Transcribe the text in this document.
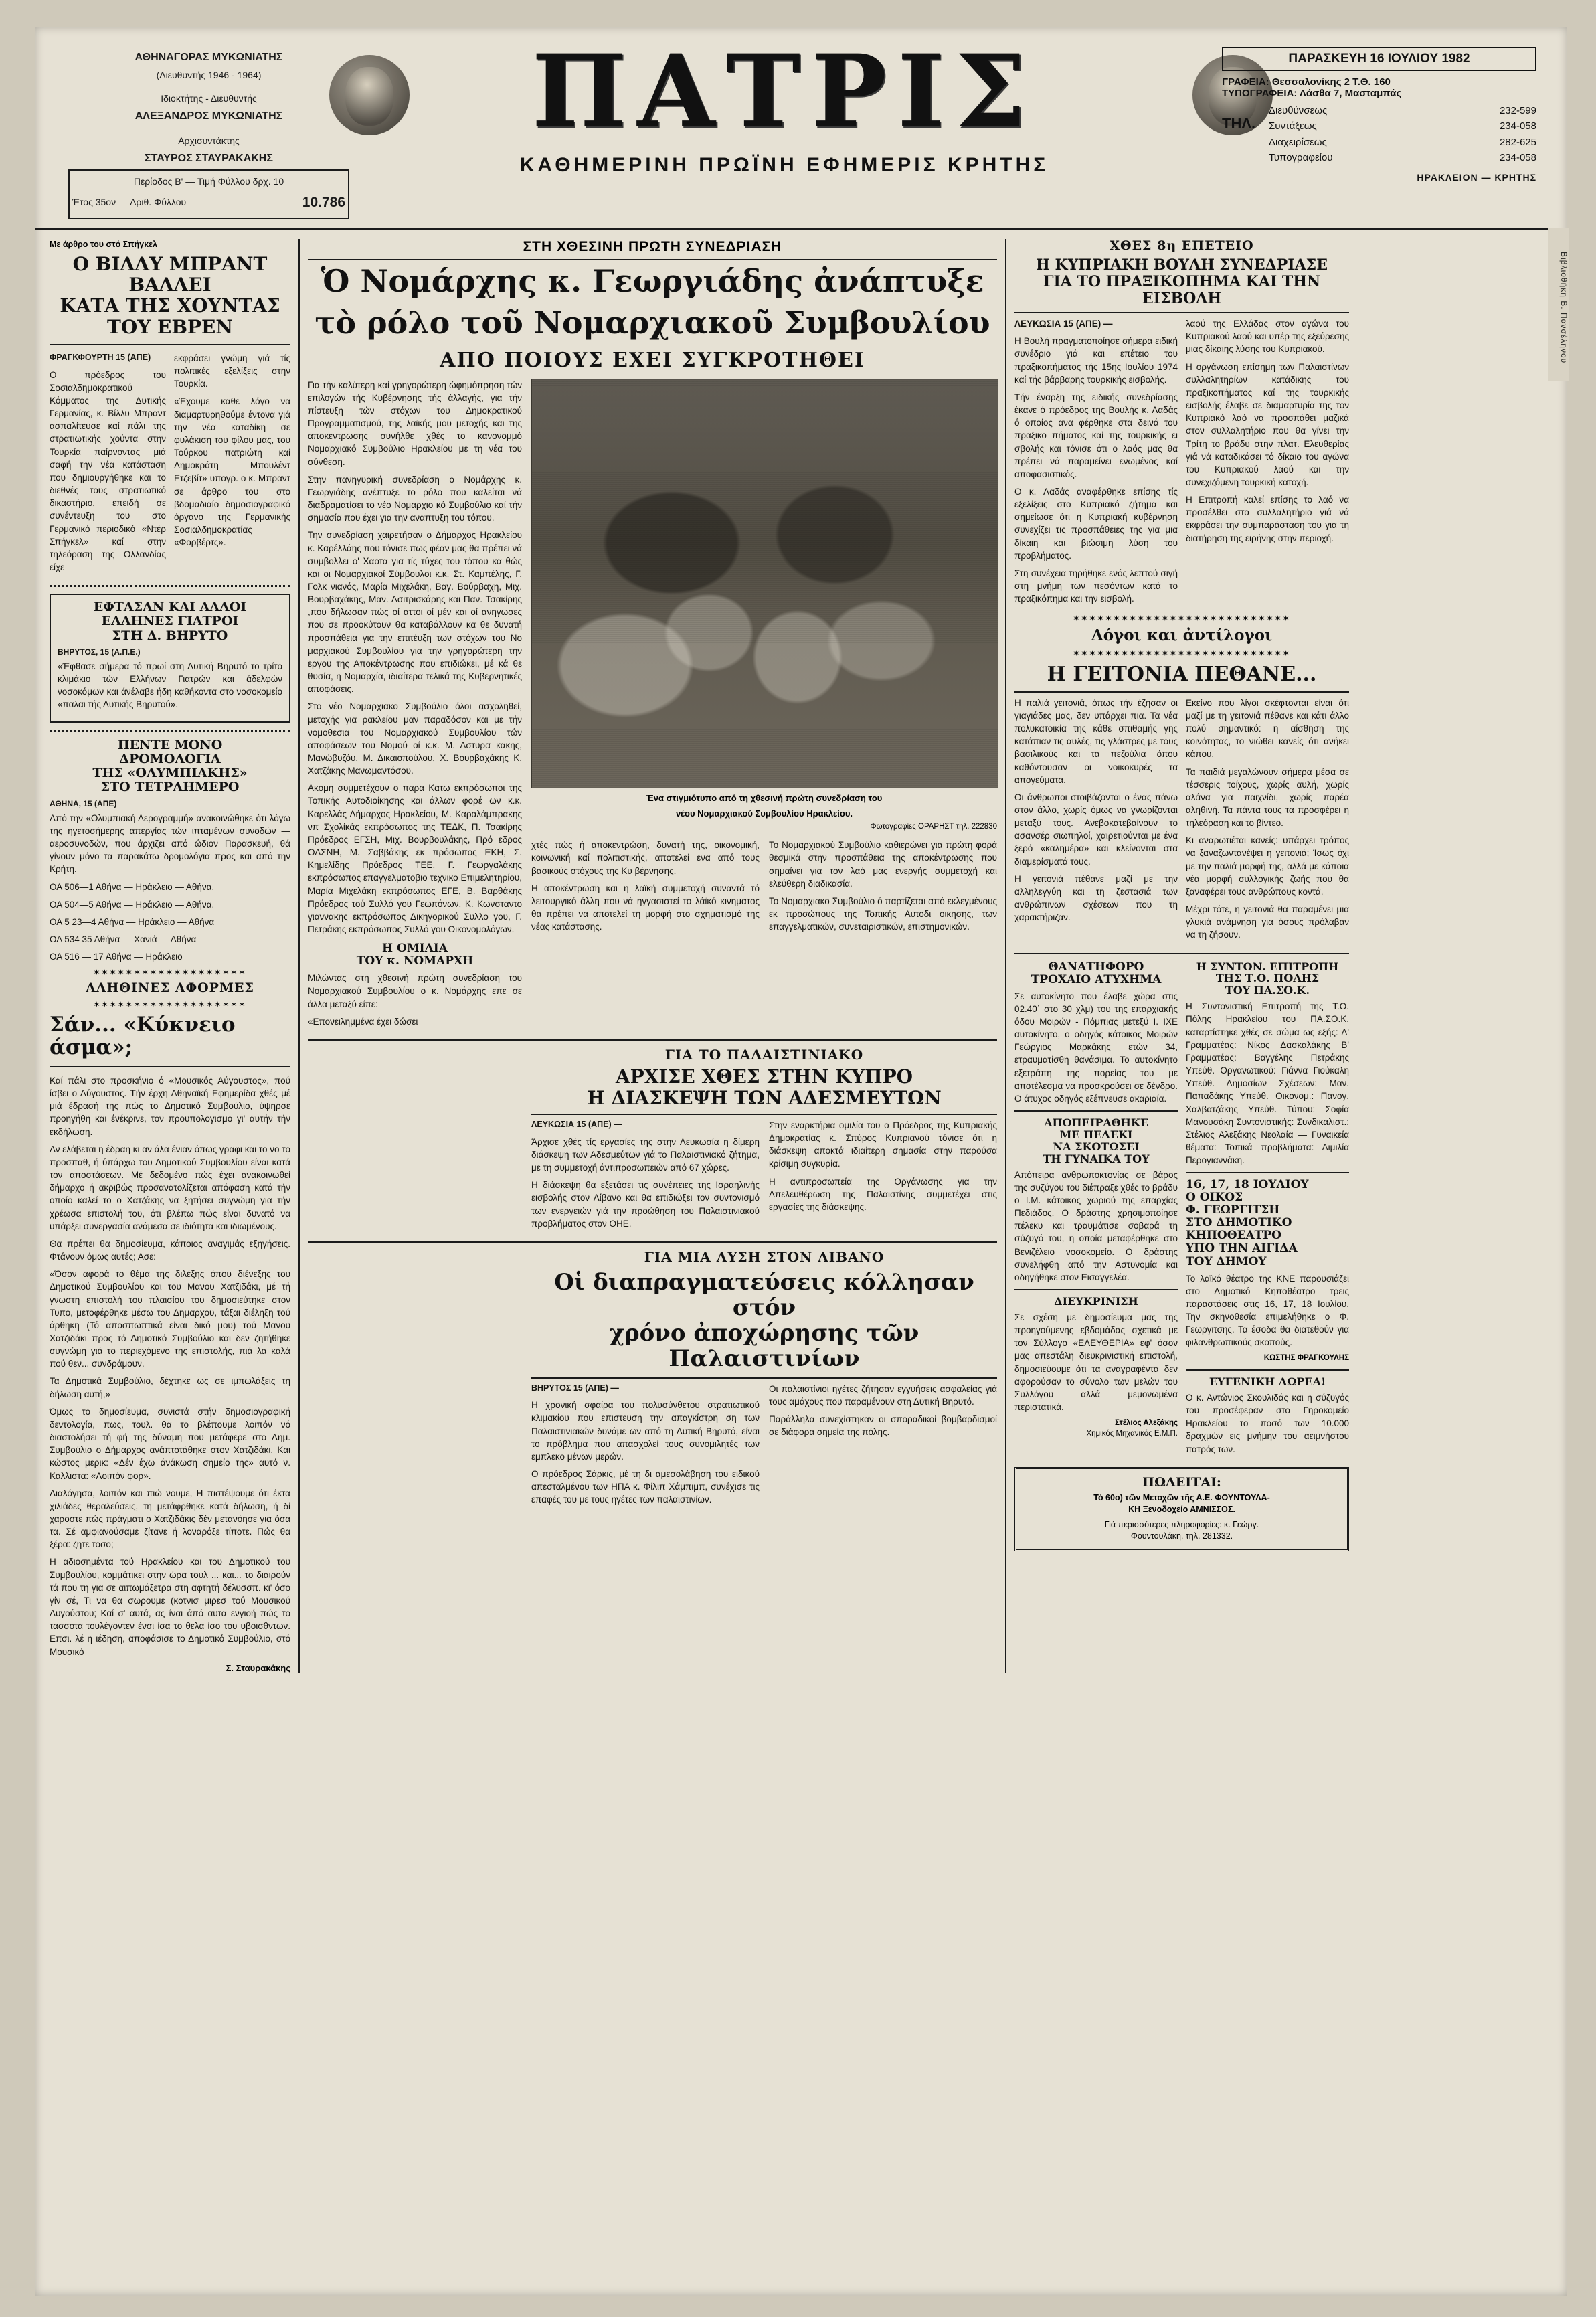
ΑΘΗΝΑΓΟΡΑΣ ΜΥΚΩΝΙΑΤΗΣ
(Διευθυντής 1946 - 1964)
Ιδιοκτήτης - Διευθυντής
ΑΛΕΞΑΝΔΡΟΣ ΜΥΚΩΝΙΑΤΗΣ
Αρχισυντάκτης
ΣΤΑΥΡΟΣ ΣΤΑΥΡΑΚΑΚΗΣ
Περίοδος Β' — Τιμή Φύλλου δρχ. 10
Έτος 35ον — Αριθ. Φύλλου	10.786
ΠΑΤΡΙΣ
ΚΑΘΗΜΕΡΙΝΗ ΠΡΩΪΝΗ ΕΦΗΜΕΡΙΣ ΚΡΗΤΗΣ
ΠΑΡΑΣΚΕΥΗ 16 ΙΟΥΛΙΟΥ 1982
ΓΡΑΦΕΙΑ: Θεσσαλονίκης 2 Τ.Θ. 160
ΤΥΠΟΓΡΑΦΕΙΑ: Λάσθα 7, Μασταμπάς
ΤΗΛ.
Διευθύνσεως	232-599
Συντάξεως	234-058
Διαχειρίσεως	282-625
Τυπογραφείου	234-058
ΗΡΑΚΛΕΙΟΝ — ΚΡΗΤΗΣ
Με άρθρο του στό Σπήγκελ
Ο ΒΙΛΛΥ ΜΠΡΑΝΤ ΒΑΛΛΕΙ
ΚΑΤΑ ΤΗΣ ΧΟΥΝΤΑΣ ΤΟΥ ΕΒΡΕΝ

ΦΡΑΓΚΦΟΥΡΤΗ 15 (ΑΠΕ)

Ο πρόεδρος του Σοσιαλδημοκρατικού Κόμματος της Δυτικής Γερμανίας, κ. Βίλλυ Μπραντ ασπαλίτευσε καί πάλι της στρατιωτικής χούντα στην Τουρκία παίρνοντας μιά σαφή την νέα κατάσταση που δημιουργήθηκε και το διεθνές τους στρατιωτικό δικαστήριο, επειδή σε συνέντευξη του στο Γερμανικό περιοδικό «Ντέρ Σπήγκελ» καί στην τηλεόραση της Ολλανδίας είχε

εκφράσει γνώμη γιά τίς πολιτικές εξελίξεις στην Τουρκία.

«Έχουμε καθε λόγο να διαμαρτυρηθούμε έντονα γιά την νέα καταδίκη σε φυλάκιση του φίλου μας, του Τούρκου πατριώτη καί Δημοκράτη Μπουλέντ Ετζεβίτ» υπογρ. ο κ. Μπραντ σε άρθρο του στο βδομαδιαίο δημοσιογραφικό όργανο της Γερμανικής Σοσιαλδημοκρατίας «Φορβέρτς».

ΕΦΤΑΣΑΝ ΚΑΙ ΑΛΛΟΙ
ΕΛΛΗΝΕΣ ΓΙΑΤΡΟΙ
ΣΤΗ Δ. ΒΗΡΥΤΟ

ΒΗΡΥΤΟΣ, 15 (Α.Π.Ε.)

«Έφθασε σήμερα τό πρωί στη Δυτική Βηρυτό το τρίτο κλιμάκιο τών Ελλήνων Γιατρών και άδελφών νοσοκόμων και άνέλαβε ήδη καθήκοντα στο νοσοκομείο «παλαι τής Δυτικής Βηρυτού».

ΠΕΝΤΕ ΜΟΝΟ
ΔΡΟΜΟΛΟΓΙΑ
ΤΗΣ «ΟΛΥΜΠΙΑΚΗΣ»
ΣΤΟ ΤΕΤΡΑΗΜΕΡΟ

ΑΘΗΝΑ, 15 (ΑΠΕ)

Από την «Ολυμπιακή Αερογραμμή» ανακοινώθηκε ότι λόγω της ηγετοσήμερης απεργίας τών ιπταμένων συνοδών — αεροσυνοδών, που άρχιζει από ώδιον Παρασκευή, θά γίνουν μόνο τα παρακάτω δρομολόγια προς και από την Κρήτη.

ΟΑ 506—1 Αθήνα — Ηράκλειο — Αθήνα.

ΟΑ 504—5 Αθήνα — Ηράκλειο — Αθήνα.

ΟΑ 5 23—4 Αθήνα — Ηράκλειο — Αθήνα

ΟΑ 534 35 Αθήνα — Χανιά — Αθήνα

ΟΑ 516 — 17 Αθήνα — Ηράκλειο

✶✶✶✶✶✶✶✶✶✶✶✶✶✶✶✶✶✶✶
ΑΛΗΘΙΝΕΣ ΑΦΟΡΜΕΣ
✶✶✶✶✶✶✶✶✶✶✶✶✶✶✶✶✶✶✶
Σάν... «Κύκνειο άσμα»;

Καί πάλι στο προσκήνιο ό «Μουσικός Αύγουστος», πού ίσβει ο Αύγουστος. Τήν έρχη Αθηναϊκή Εφημερίδα χθές μέ μιά έδρασή της πώς το Δημοτικό Συμβούλιο, ύψηρσε προηγήθη και ένέκρινε, τον προυπολογισμο γι' αυτήν τήν εκδήλωση.

Αν ελάβεται η έδραη κι αν άλα ένιαν όπως γραφι και το νο το προσπαθ, ή ύπάρχω του Δημοτικού Συμβουλίου είναι κατά τον αποστάσεων. Μέ δεδομένο πώς έχει ανακοινωθεί δήμαρχο ή ακριβώς προσανατολίζεται απόφαση κατά τήν οποίο καλεί το ο Χατζάκης να ξητήσει συγνώμη για τήν χρέωσα επιστολή του, ότι βλέπω πώς είναι δυνατό να υπάρξει συνεργασία ανάμεσα σε ιδιότητα και ιδιωμένους.

Θα πρέπει θα δημοσίευμα, κάποιος αναγιμάς εξηγήσεις. Φτάνουν όμως αυτές; Ασε:

«Όσον αφορά το θέμα της διλέξης όπου διένεξης του Δημοτικού Συμβουλίου και του Μανου Χατζιδάκι, μέ τή γνωστη επιστολή του πλαισίου του δημοσιεύτηκε στον Τυπο, μετοφέρθηκε μέσω του Δημαρχου, τάξαι διέληξη τού άρθηκη (Τό αποσπωπτικά είναι δικό μου) τού Μανου Χατζιδάκι προς τό Δημοτικό Συμβούλιο και δεν ζητήθηκε συγνώμη γιά το περιεχόμενο της επιστολής, πιά λα καλά πού θεν... συνδράμουν.

Τα Δημοτικά Συμβούλιο, δέχτηκε ως σε ιμπωλάξεις τη δήλωση αυτή,»

Όμως το δημοσίευμα, συνιστά στήν δημοσιογραφική δεντολογία, πως, τουλ. θα το βλέπουμε λοιπόν νό διαστολήσει τή φή της δύναμη που μετάφερε στο Δημ. Συμβούλιο ο Δήμαρχος ανάπτοτάθηκε στον Χατζιδάκι. Και κώστος μερικ: «Δέν έχω άνάκωση σημείο της» αυτό ν. Καλλιστα: «Λοιπόν φορ».

Διαλόγησα, λοιπόν και πιώ νουμε, Η πιστέψουμε ότι έκτα χιλιάδες θεραλεύσεις, τη μετάφρθηκε κατά δήλωση, ή δί χαροστε πώς πράγματι ο Χατζιδάκις δέν μετανόησε για όσα τα. Σέ αμφιανούσαμε ζίτανε ή λοναρόξε τίποτε. Πώς θα ξέρα: ζητε τοσο;

Η αδιοσημέντα τού Ηρακλείου και του Δημοτικού του Συμβουλίου, κομμάτικει στην ώρα τουλ ... και... το διαιρούν τά που τη για σε αιπωμάξετρα στη αφτητή δέλυσσπ. κι' όσο γίν σέ, Τι να θα σωρουμε (κοτνισ μιρεσ τού Μουσικού Αυγούστου; Καί σ' αυτά, ας ίναι άπό αυτα ενγιοή πώς το τασσοτα τουλέγοντεν ένσι ίσα το θελα ίσο του υβοισθντων. Επσι. λέ η ιέδηση, αποφάσισε το Δημοτικό Συμβούλιο, στό Μουσικό

Σ. Σταυρακάκης
ΣΤΗ ΧΘΕΣΙΝΗ ΠΡΩΤΗ ΣΥΝΕΔΡΙΑΣΗ
Ὁ Νομάρχης κ. Γεωργιάδης ἀνάπτυξε
τὸ ρόλο τοῦ Νομαρχιακοῦ Συμβουλίου
ΑΠΟ ΠΟΙΟΥΣ ΕΧΕΙ ΣΥΓΚΡΟΤΗΘΕΙ

Για τήν καλύτερη καί γρηγορώτερη ώφημόπρηση τών επιλογών τής Κυβέρνησης τής άλλαγής, για τήν πίστευξη τών στόχων του Δημοκρατικού Προγραμματισμού, της λαϊκής μου μετοχής και της αποκεντρωσης συνήλθε χθές το κανονομμό Νομαρχιακό Συμβούλιο Ηρακλείου με τη νέα του σύνθεση.

Στην πανηγυρική συνεδρίαση ο Νομάρχης κ. Γεωργιάδης ανέπτυξε το ρόλο που καλείται νά διαδραματίσει το νέο Νομαρχιο κό Συμβούλιο καί τήν σημασία που έχει για την αναπτυξη του τόπου.

Την συνεδρίαση χαιρετήσαν ο Δήμαρχος Ηρακλείου κ. Καρέλλάης που τόνισε πως φέαν μας θα πρέπει νά συμβολλει ο' Χαοτα για τίς τύχες του τόπου κα θώς και οι Νομαρχιακοί Σύμβουλοι κ.κ. Στ. Καμπέλης, Γ. Γολκ νιανός, Μαρία Μιχελάκη, Βαγ. Βούρβαχη, Μιχ. Βουρβαχάκης, Μαν. Ασιτρισκάρης και Παν. Τσακίρης ,που δήλωσαν πώς οί αττοι οί μέν και οί ανηγωσες που σε προοκύτουν θα καταβάλλουν κα θε δυνατή προσπάθεια για την επιτέυξη των στόχων του Νο μαρχιακού Συμβουλίου για την γρηγορώτερη την εργου της Αποκέντρωσης που επιδιώκει, μέ κά θε θυσία, η Νομαρχία, ιδιαίτερα τελικά της Κυβερνητικές αποφάσεις.

Στο νέο Νομαρχιακο Συμβούλιο όλοι ασχοληθεί, μετοχής για ρακλείου μαν παραδόσον και με τήν νομοθεσια του Νομαρχιακού Συμβουλίου τών αποφάσεων του Νομού οί κ.κ. Μ. Αστυρα κακης, Μανώβυζόυ, Μ. Δικαιοπούλου, Χ. Βουρβαχάκης Κ. Χατζάκης Μανωμαντόσου.

Ακομη συμμετέχουν ο παρα Κατω εκπρόσωποι της Τοπικής Αυτοδιοίκησης και άλλων φορέ ων κ.κ. Καρελλάς Δήμαρχος Ηρακλείου, Μ. Καραλάμπρακης νπ Σχολίκάς εκπρόσωπος της ΤΕΔΚ, Π. Τσακίρης Πρόεδρος ΕΓΣΗ, Μιχ. Βουρβουλάκης, Πρό εδρος ΟΑΣΝΗ, Μ. Σαββάκης εκ πρόσωπος ΕΚΗ, Σ. Κημελίδης Πρόεδρος ΤΕΕ, Γ. Γεωργαλάκης εκπρόσωπος επαγγελματοβιο τεχνικο Επιμελητηρίου, Μαρία Μιχελάκη εκπρόσωπος ΕΓΕ, Β. Βαρθάκης Πρόεδρος τού Συλλό γου Γεωπόνων, Κ. Κωνσταντο γιαννακης εκπρόσωπος Δικηγορικού Συλλο γου, Γ. Πετράκης εκπρόσωπος Συλλό γου Οικονομολόγων.

Η ΟΜΙΛΙΑ
ΤΟΥ κ. ΝΟΜΑΡΧΗ

Μιλώντας στη χθεσινή πρώτη συνεδρίαση του Νομαρχιακού Συμβουλίου ο κ. Νομάρχης επε σε άλλα μεταξύ είπε:

«Επονειλημμένα έχει δώσει

Ένα στιγμιότυπο από τη χθεσινή πρώτη συνεδρίαση του
νέου Νομαρχιακού Συμβουλίου Ηρακλείου.
Φωτογραφίες ΟΡΑΡΗΣΤ τηλ. 222830

χτές πώς ή αποκεντρώση, δυνατή της, οικονομική, κοινωνική καί πολιτιστικής, αποτελεί ενα από τους βασικούς στόχους της Κυ βέρνησης.

Η αποκέντρωση και η λαϊκή συμμετοχή συναντά τό λειτουργικό άλλη που νά ηγγασιστεί το λάϊκό κινηματος θα πρέπει να αποτελεί τη μορφή στο σχηματισμό της νέας κατάστασης.

Το Νομαρχιακού Συμβούλιο καθιερώνει για πρώτη φορά θεσμικά στην προσπάθεια της αποκέντρωσης που σημαίνει για τον λαό μας ενεργής συμμετοχή και ελεύθερη διαδικασία.

Το Νομαρχιακο Συμβούλιο ό παρτίζεται από εκλεγμένους εκ προσώπους της Τοπικής Αυτοδι οικησης, των επαγγελματικών, συνεταιριστικών, επιστημονικών.

ΓΙΑ ΤΟ ΠΑΛΑΙΣΤΙΝΙΑΚΟ
ΑΡΧΙΣΕ ΧΘΕΣ ΣΤΗΝ ΚΥΠΡΟ
Η ΔΙΑΣΚΕΨΗ ΤΩΝ ΑΔΕΣΜΕΥΤΩΝ

ΛΕΥΚΩΣΙΑ 15 (ΑΠΕ) —

Άρχισε χθές τίς εργασίες της στην Λευκωσία η δίμερη διάσκεψη των Αδεσμεύτων γιά το Παλαιστινιακό ζήτημα, με τη συμμετοχή άντιπροσωπειών από 67 χώρες.

Η διάσκεψη θα εξετάσει τις συνέπειες της Ισραηλινής εισβολής στον Λίβανο και θα επιδιώξει τον συντονισμό των ενεργειών γιά την προώθηση του Παλαιστινιακού προβλήματος στον ΟΗΕ.

Στην εναρκτήρια ομιλία του ο Πρόεδρος της Κυπριακής Δημοκρατίας κ. Σπύρος Κυπριανού τόνισε ότι η διάσκεψη αποκτά ιδιαίτερη σημασία στην παρούσα κρίσιμη συγκυρία.

Η αντιπροσωπεία της Οργάνωσης για την Απελευθέρωση της Παλαιστίνης συμμετέχει στις εργασίες της διάσκεψης.

ΓΙΑ ΜΙΑ ΛΥΣΗ ΣΤΟΝ ΛΙΒΑΝΟ
Οἱ διαπραγματεύσεις κόλλησαν στόν
χρόνο ἀποχώρησης τῶν Παλαιστινίων

ΒΗΡΥΤΟΣ 15 (ΑΠΕ) —

Η χρονική σφαίρα του πολυσύνθετου στρατιωτικού κλιμακίου που επιστευση την απαγκίστρη ση των Παλαιστινιακών δυνάμε ων από τη Δυτική Βηρυτό, είναι το πρόβλημα που απασχολεί τους συνομιλητές των εμπλεκο μένων μερών.

Ο πρόεδρος Σάρκις, μέ τη δι αμεσολάβηση του ειδικού απεσταλμένου των ΗΠΑ κ. Φίλιπ Χάμπιμπ, συνέχισε τις επαφές του με τους ηγέτες των παλαιστινίων.

Οι παλαιστίνιοι ηγέτες ζήτησαν εγγυήσεις ασφαλείας γιά τους αμάχους που παραμένουν στη Δυτική Βηρυτό.

Παράλληλα συνεχίστηκαν οι σποραδικοί βομβαρδισμοί σε διάφορα σημεία της πόλης.

ΧΘΕΣ 8η ΕΠΕΤΕΙΟ
Η ΚΥΠΡΙΑΚΗ ΒΟΥΛΗ ΣΥΝΕΔΡΙΑΣΕ
ΓΙΑ ΤΟ ΠΡΑΞΙΚΟΠΗΜΑ ΚΑΙ ΤΗΝ ΕΙΣΒΟΛΗ

ΛΕΥΚΩΣΙΑ 15 (ΑΠΕ) —

Η Βουλή πραγματοποίησε σήμερα ειδική συνέδριο γιά και επέτειο του πραξικοπήματος τής 15ης Ιουλίου 1974 καί τής βάρβαρης τουρκικής εισβολής.

Τήν έναρξη της ειδικής συνεδρίασης έκανε ό πρόεδρος της Βουλής κ. Λαδάς ό οποίος ανα φέρθηκε στα δεινά του πραξικο πήματος καί της τουρκικής ει σβολής και τόνισε ότι ο λαός μας θα πρέπει νά παραμείνει ενωμένος καί αποφασιστικός.

Ο κ. Λαδάς αναφέρθηκε επίσης τίς εξελίξεις στο Κυπριακό ζήτημα και σημείωσε ότι η Κυπριακή κυβέρνηση συνεχίζει τις προσπάθειες της για μια δίκαιη και βιώσιμη λύση του προβλήματος.

Στη συνέχεια τηρήθηκε ενός λεπτού σιγή στη μνήμη των πεσόντων κατά το πραξικόπημα και την εισβολή.

λαού της Ελλάδας στον αγώνα του Κυπριακού λαού και υπέρ της εξεύρεσης μιας δίκαιης λύσης του Κυπριακού.

Η οργάνωση επίσημη των Παλαιστίνων συλλαλητηρίων κατάδικης του πραξικοπήματος καί της τουρκικής εισβολής έλαβε σε διαμαρτυρία της τον Κυπριακό λαό να προσπάθει μαζικά στον συλλαλητήριο που θα γίνει την Τρίτη το βράδυ στην πλατ. Ελευθερίας γιά νά καταδικάσει τό δίκαιο του αγώνα του Κυπριακού λαού και την συνεχιζόμενη τουρκική κατοχή.

Η Επιτροπή καλεί επίσης το λαό να προσέλθει στο συλλαλητήριο γιά νά εκφράσει την συμπαράσταση του για τη διατήρηση της ειρήνης στην περιοχή.

✶✶✶✶✶✶✶✶✶✶✶✶✶✶✶✶✶✶✶✶✶✶✶✶✶✶✶
Λόγοι και ἀντίλογοι
✶✶✶✶✶✶✶✶✶✶✶✶✶✶✶✶✶✶✶✶✶✶✶✶✶✶✶
Η ΓΕΙΤΟΝΙΑ ΠΕΘΑΝΕ...

Η παλιά γειτονιά, όπως τήν έζησαν οι γιαγιάδες μας, δεν υπάρχει πια. Τα νέα πολυκατοικία της κάθε σπιθαμής γης κατάπιαν τις αυλές, τις γλάστρες με τους βασιλικούς και τα πεζούλια όπου καθόντουσαν οι νοικοκυρές τα απογεύματα.

Οι άνθρωποι στοιβάζονται ο ένας πάνω στον άλλο, χωρίς όμως να γνωρίζονται μεταξύ τους. Ανεβοκατεβαίνουν το ασανσέρ σιωπηλοί, χαιρετιούνται με ένα ξερό «καλημέρα» και κλείνονται στα διαμερίσματά τους.

Η γειτονιά πέθανε μαζί με την αλληλεγγύη και τη ζεστασιά των ανθρώπινων σχέσεων που τη χαρακτήριζαν.

Εκείνο που λίγοι σκέφτονται είναι ότι μαζί με τη γειτονιά πέθανε και κάτι άλλο πολύ σημαντικό: η αίσθηση της κοινότητας, το νιώθει κανείς ότι ανήκει κάπου.

Τα παιδιά μεγαλώνουν σήμερα μέσα σε τέσσερις τοίχους, χωρίς αυλή, χωρίς αλάνα για παιχνίδι, χωρίς παρέα αληθινή. Τα πάντα τους τα προσφέρει η τηλεόραση και το βίντεο.

Κι αναρωτιέται κανείς: υπάρχει τρόπος να ξαναζωντανέψει η γειτονιά; Ίσως όχι με την παλιά μορφή της, αλλά με κάποια νέα μορφή συλλογικής ζωής που θα ξαναφέρει τους ανθρώπους κοντά.

Μέχρι τότε, η γειτονιά θα παραμένει μια γλυκιά ανάμνηση για όσους πρόλαβαν να τη ζήσουν.

ΘΑΝΑΤΗΦΟΡΟ
ΤΡΟΧΑΙΟ ΑΤΥΧΗΜΑ

Σε αυτοκίνητο που έλαβε χώρα στις 02.40΄ στο 30 χλμ) του της επαρχιακής όδου Μοιρών - Πόμπιας μετεξύ Ι. ΙΧΕ αυτοκίνητο, ο οδηγός κάτοικος Μοιρών Γεώργιος Μαρκάκης ετών 34, ετραυματίσθη θανάσιμα. Το αυτοκίνητο εξετράπη της πορείας του με αποτέλεσμα να προσκρούσει σε δένδρο. Ο άτυχος οδηγός εξέπνευσε ακαριαία.

ΑΠΟΠΕΙΡΑΘΗΚΕ
ΜΕ ΠΕΛΕΚΙ
ΝΑ ΣΚΟΤΩΣΕΙ
ΤΗ ΓΥΝΑΙΚΑ ΤΟΥ

Απόπειρα ανθρωποκτονίας σε βάρος της συζύγου του διέπραξε χθές το βράδυ ο Ι.Μ. κάτοικος χωριού της επαρχίας Πεδιάδος. Ο δράστης χρησιμοποίησε πέλεκυ και τραυμάτισε σοβαρά τη σύζυγό του, η οποία μεταφέρθηκε στο Βενιζέλειο νοσοκομείο. Ο δράστης συνελήφθη από την Αστυνομία και οδηγήθηκε στον Εισαγγελέα.

ΔΙΕΥΚΡΙΝΙΣΗ

Σε σχέση με δημοσίευμα μας της προηγούμενης εβδομάδας σχετικά με τον Σύλλογο «ΕΛΕΥΘΕΡΙΑ» εφ' όσον μας απεστάλη διευκρινιστική επιστολή, δημοσιεύουμε ότι τα αναγραφέντα δεν αφορούσαν το σύνολο των μελών του Συλλόγου αλλά μεμονωμένα περιστατικά.

Στέλιος Αλεξάκης
Χημικός Μηχανικός Ε.Μ.Π.
Η ΣΥΝΤΟΝ. ΕΠΙΤΡΟΠΗ
ΤΗΣ Τ.Ο. ΠΟΛΗΣ
ΤΟΥ ΠΑ.ΣΟ.Κ.

Η Συντονιστική Επιτροπή της Τ.Ο. Πόλης Ηρακλείου του ΠΑ.ΣΟ.Κ. καταρτίστηκε χθές σε σώμα ως εξής: Α' Γραμματέας: Νίκος Δασκαλάκης Β' Γραμματέας: Βαγγέλης Πετράκης Υπεύθ. Οργανωτικού: Γιάννα Γιούκαλη Υπεύθ. Δημοσίων Σχέσεων: Μαν. Παπαδάκης Υπεύθ. Οικονομ.: Πανογ. Χαλβατζάκης Υπεύθ. Τύπου: Σοφία Μανουσάκη Συντονιστικής: Συνδικαλιστ.: Στέλιος Αλεξάκης Νεολαία — Γυναικεία θέματα: Τοπικά προβλήματα: Αιμιλία Περογιαννάκη.

16, 17, 18 ΙΟΥΛΙΟΥ
Ο ΟΙΚΟΣ
Φ. ΓΕΩΡΓΙΤΣΗ
ΣΤΟ ΔΗΜΟΤΙΚΟ
ΚΗΠΟΘΕΑΤΡΟ
ΥΠΟ ΤΗΝ ΑΙΓΙΔΑ
ΤΟΥ ΔΗΜΟΥ

Το λαϊκό θέατρο της ΚΝΕ παρουσιάζει στο Δημοτικό Κηποθέατρο τρεις παραστάσεις στις 16, 17, 18 Ιουλίου. Την σκηνοθεσία επιμελήθηκε ο Φ. Γεωργιτσης. Τα έσοδα θα διατεθούν για φιλανθρωπικούς σκοπούς.

ΚΩΣΤΗΣ ΦΡΑΓΚΟΥΛΗΣ
ΕΥΓΕΝΙΚΗ ΔΩΡΕΑ!

Ο κ. Αντώνιος Σκουλιδάς και η σύζυγός του προσέφεραν στο Γηροκομείο Ηρακλείου το ποσό των 10.000 δραχμών εις μνήμην του αειμνήστου πατρός των.

ΠΩΛΕΙΤΑΙ:
Τό 60ο) τῶν Μετοχῶν τῆς Α.Ε. ΦΟΥΝΤΟΥΛΑ-
ΚΗ Ξενοδοχείο ΑΜΝΙΣΣΟΣ.
Γιά περισσότερες πληροφορίες: κ. Γεώργ.
Φουντουλάκη, τηλ. 281332.
Βιβλιοθήκη Β. Πανσέληνου
